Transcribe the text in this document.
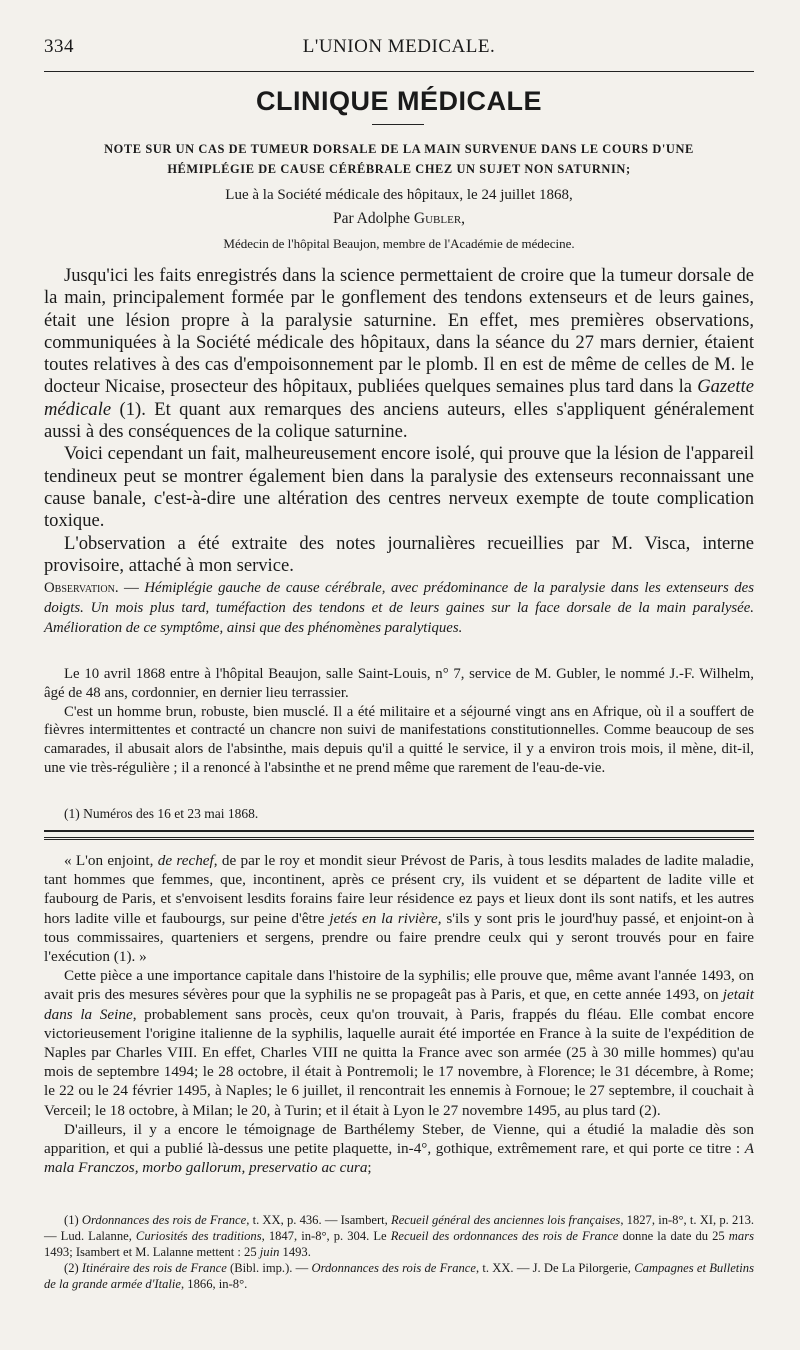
L'UNION MEDICALE.
334
CLINIQUE MÉDICALE
NOTE SUR UN CAS DE TUMEUR DORSALE DE LA MAIN SURVENUE DANS LE COURS D'UNE
HÉMIPLÉGIE DE CAUSE CÉRÉBRALE CHEZ UN SUJET NON SATURNIN;
Lue à la Société médicale des hôpitaux, le 24 juillet 1868,
Par Adolphe Gubler,
Médecin de l'hôpital Beaujon, membre de l'Académie de médecine.

Jusqu'ici les faits enregistrés dans la science permettaient de croire que la tumeur dorsale de la main, principalement formée par le gonflement des tendons extenseurs et de leurs gaines, était une lésion propre à la paralysie saturnine. En effet, mes premières observations, communiquées à la Société médicale des hôpitaux, dans la séance du 27 mars dernier, étaient toutes relatives à des cas d'empoisonnement par le plomb. Il en est de même de celles de M. le docteur Nicaise, prosecteur des hôpitaux, publiées quelques semaines plus tard dans la Gazette médicale (1). Et quant aux remarques des anciens auteurs, elles s'appliquent généralement aussi à des conséquences de la colique saturnine.

Voici cependant un fait, malheureusement encore isolé, qui prouve que la lésion de l'appareil tendineux peut se montrer également bien dans la paralysie des extenseurs reconnaissant une cause banale, c'est-à-dire une altération des centres nerveux exempte de toute complication toxique.

L'observation a été extraite des notes journalières recueillies par M. Visca, interne provisoire, attaché à mon service.

Observation. — Hémiplégie gauche de cause cérébrale, avec prédominance de la paralysie dans les extenseurs des doigts. Un mois plus tard, tuméfaction des tendons et de leurs gaines sur la face dorsale de la main paralysée. Amélioration de ce symptôme, ainsi que des phénomènes paralytiques.

Le 10 avril 1868 entre à l'hôpital Beaujon, salle Saint-Louis, n° 7, service de M. Gubler, le nommé J.-F. Wilhelm, âgé de 48 ans, cordonnier, en dernier lieu terrassier.

C'est un homme brun, robuste, bien musclé. Il a été militaire et a séjourné vingt ans en Afrique, où il a souffert de fièvres intermittentes et contracté un chancre non suivi de manifestations constitutionnelles. Comme beaucoup de ses camarades, il abusait alors de l'absinthe, mais depuis qu'il a quitté le service, il y a environ trois mois, il mène, dit-il, une vie très-régulière ; il a renoncé à l'absinthe et ne prend même que rarement de l'eau-de-vie.

(1) Numéros des 16 et 23 mai 1868.

« L'on enjoint, de rechef, de par le roy et mondit sieur Prévost de Paris, à tous lesdits malades de ladite maladie, tant hommes que femmes, que, incontinent, après ce présent cry, ils vuident et se départent de ladite ville et faubourg de Paris, et s'envoisent lesdits forains faire leur résidence ez pays et lieux dont ils sont natifs, et les autres hors ladite ville et faubourgs, sur peine d'être jetés en la rivière, s'ils y sont pris le jourd'huy passé, et enjoint-on à tous commissaires, quarteniers et sergens, prendre ou faire prendre ceulx qui y seront trouvés pour en faire l'exécution (1). »

Cette pièce a une importance capitale dans l'histoire de la syphilis; elle prouve que, même avant l'année 1493, on avait pris des mesures sévères pour que la syphilis ne se propageât pas à Paris, et que, en cette année 1493, on jetait dans la Seine, probablement sans procès, ceux qu'on trouvait, à Paris, frappés du fléau. Elle combat encore victorieusement l'origine italienne de la syphilis, laquelle aurait été importée en France à la suite de l'expédition de Naples par Charles VIII. En effet, Charles VIII ne quitta la France avec son armée (25 à 30 mille hommes) qu'au mois de septembre 1494; le 28 octobre, il était à Pontremoli; le 17 novembre, à Florence; le 31 décembre, à Rome; le 22 ou le 24 février 1495, à Naples; le 6 juillet, il rencontrait les ennemis à Fornoue; le 27 septembre, il couchait à Verceil; le 18 octobre, à Milan; le 20, à Turin; et il était à Lyon le 27 novembre 1495, au plus tard (2).

D'ailleurs, il y a encore le témoignage de Barthélemy Steber, de Vienne, qui a étudié la maladie dès son apparition, et qui a publié là-dessus une petite plaquette, in-4°, gothique, extrêmement rare, et qui porte ce titre : A mala Franczos, morbo gallorum, preservatio ac cura;

(1) Ordonnances des rois de France, t. XX, p. 436. — Isambert, Recueil général des anciennes lois françaises, 1827, in-8°, t. XI, p. 213. — Lud. Lalanne, Curiosités des traditions, 1847, in-8°, p. 304. Le Recueil des ordonnances des rois de France donne la date du 25 mars 1493; Isambert et M. Lalanne mettent : 25 juin 1493.

(2) Itinéraire des rois de France (Bibl. imp.). — Ordonnances des rois de France, t. XX. — J. De La Pilorgerie, Campagnes et Bulletins de la grande armée d'Italie, 1866, in-8°.
